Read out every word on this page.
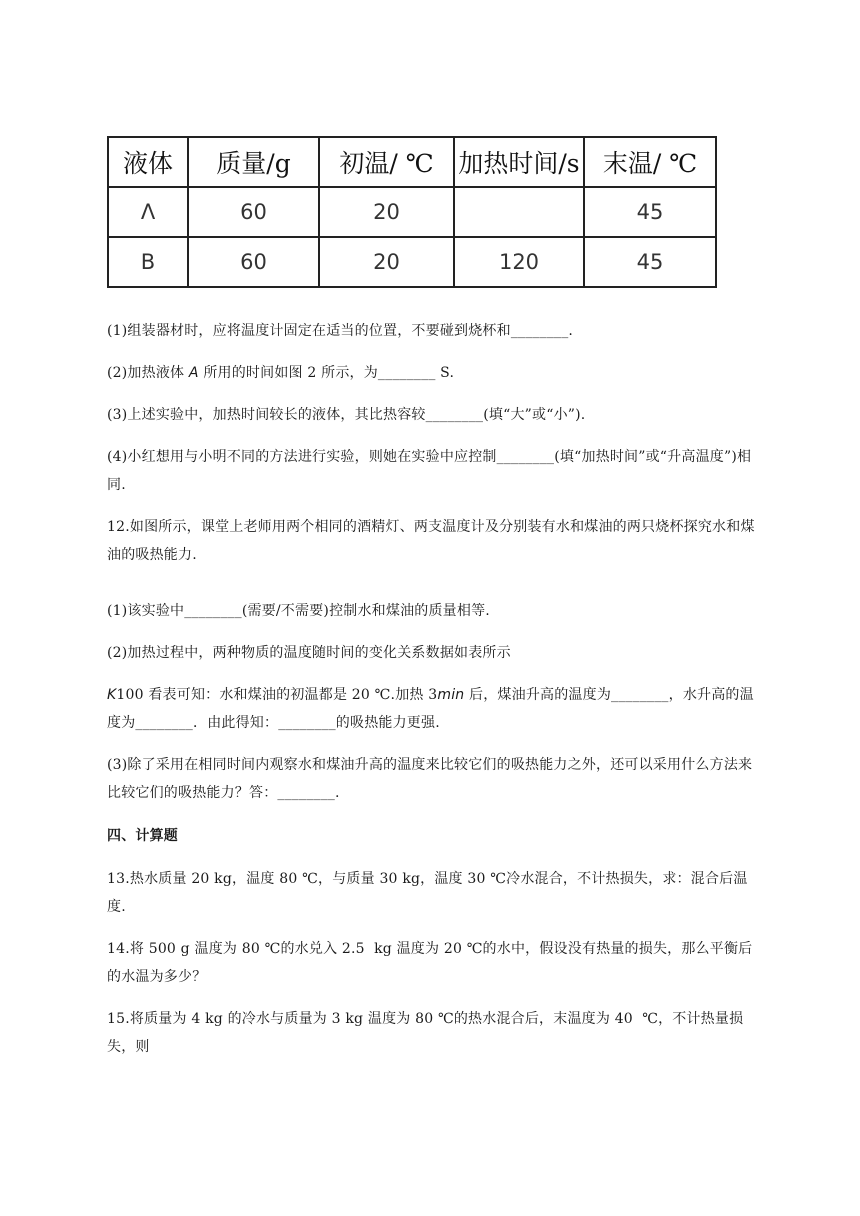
液体	质量/g	初温/ ℃	加热时间/s	末温/ ℃
Λ	60	20		45
B	60	20	120	45
(1)组装器材时，应将温度计固定在适当的位置，不要碰到烧杯和________.
(2)加热液体 A 所用的时间如图 2 所示，为________ S.
(3)上述实验中，加热时间较长的液体，其比热容较________(填“大”或“小”).
(4)小红想用与小明不同的方法进行实验，则她在实验中应控制________(填“加热时间”或“升高温度”)相同.
12.如图所示，课堂上老师用两个相同的酒精灯、两支温度计及分别装有水和煤油的两只烧杯探究水和煤油的吸热能力.
(1)该实验中________(需要/不需要)控制水和煤油的质量相等.
(2)加热过程中，两种物质的温度随时间的变化关系数据如表所示
K100 看表可知：水和煤油的初温都是 20 ℃.加热 3min 后，煤油升高的温度为________，水升高的温度为________．由此得知：________的吸热能力更强.
(3)除了采用在相同时间内观察水和煤油升高的温度来比较它们的吸热能力之外，还可以采用什么方法来比较它们的吸热能力？答：________.
四、计算题
13.热水质量 20 kg，温度 80 ℃，与质量 30 kg，温度 30 ℃冷水混合，不计热损失，求：混合后温度.
14.将 500 g 温度为 80 ℃的水兑入 2.5  kg 温度为 20 ℃的水中，假设没有热量的损失，那么平衡后的水温为多少？
15.将质量为 4 kg 的冷水与质量为 3 kg 温度为 80 ℃的热水混合后，末温度为 40  ℃，不计热量损失，则
